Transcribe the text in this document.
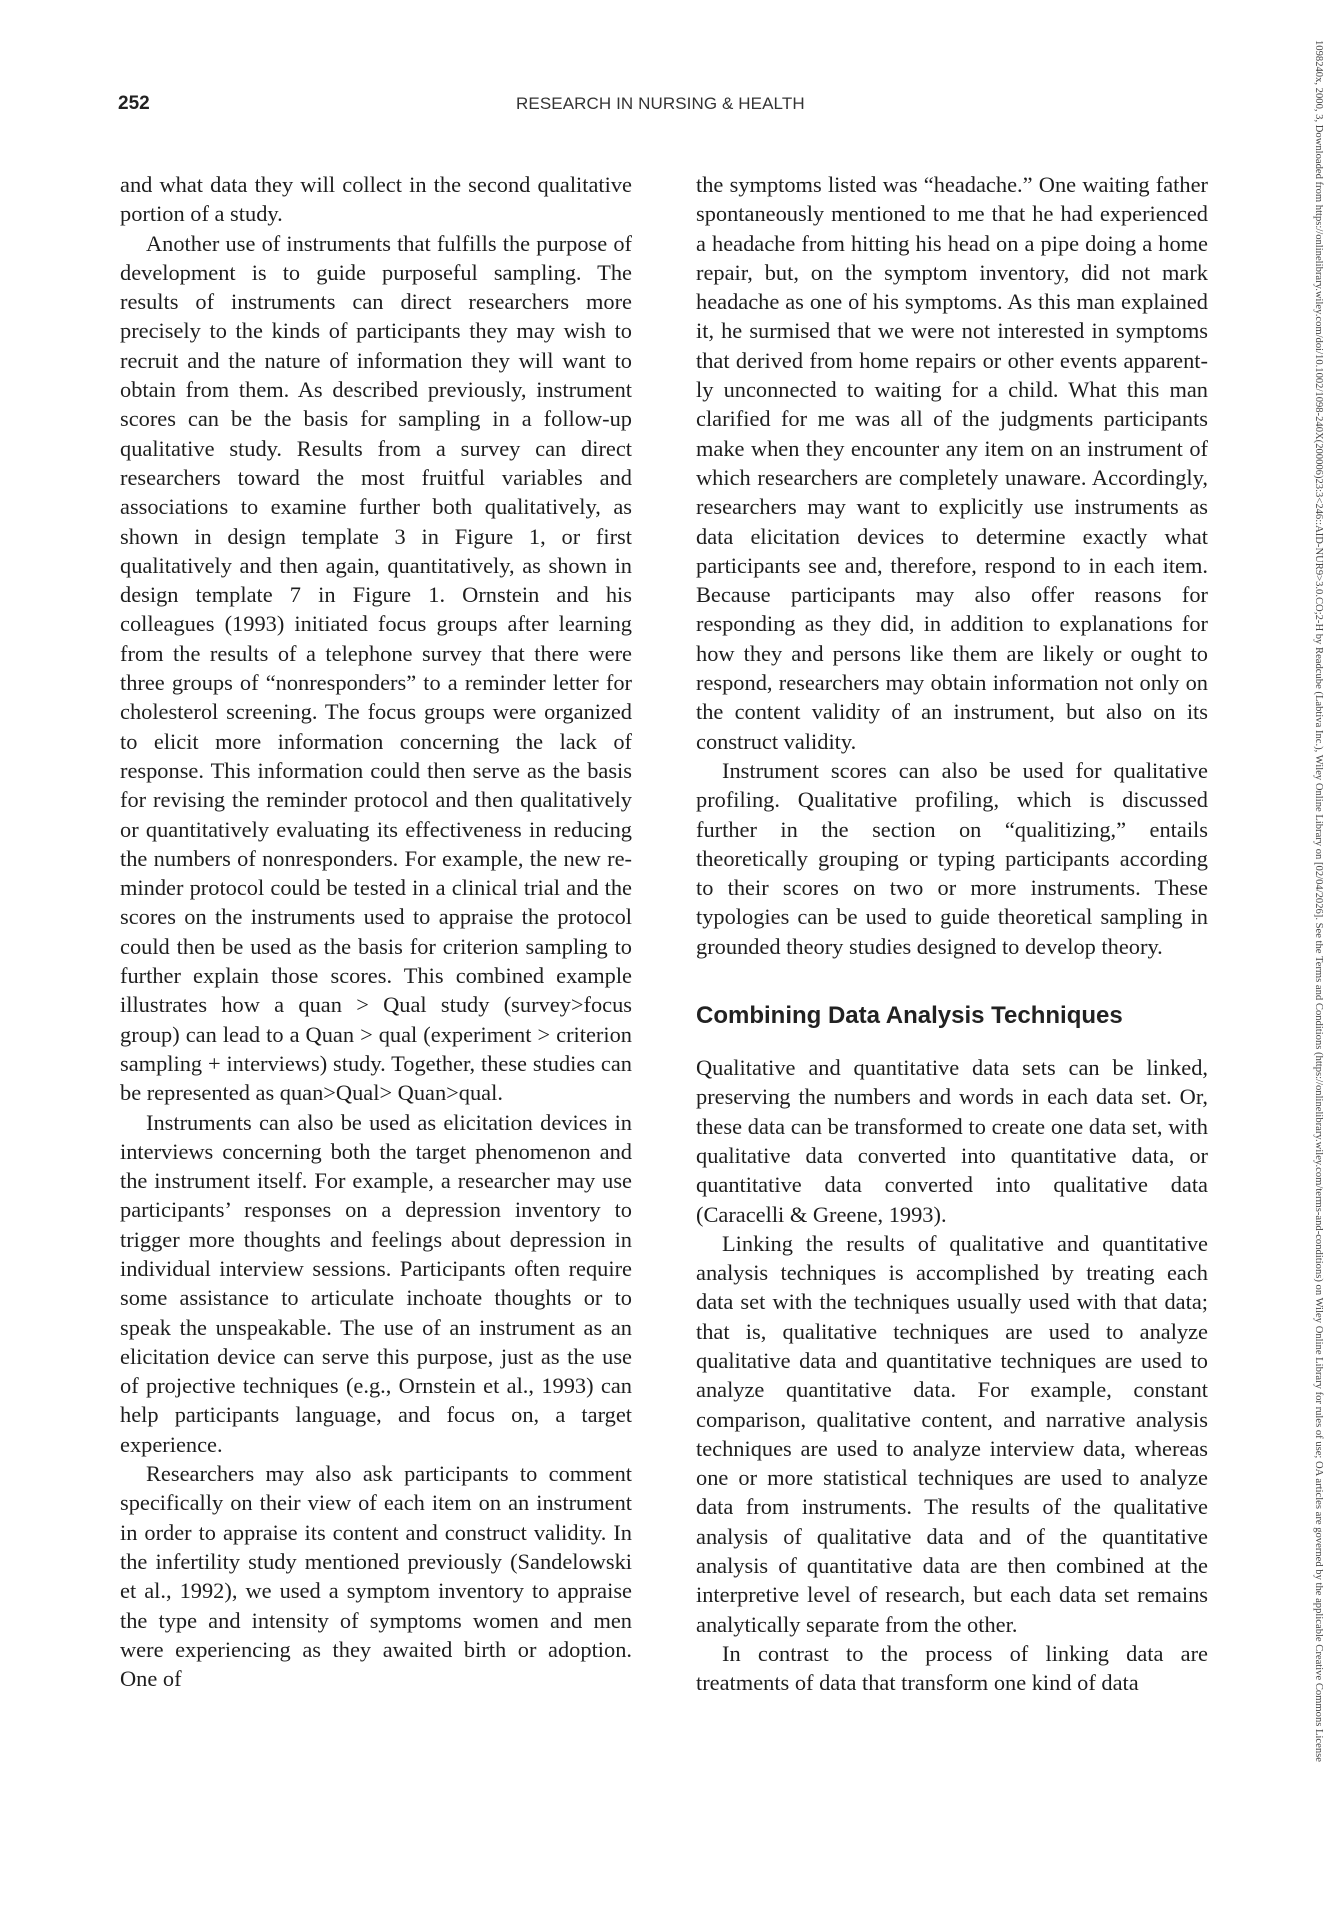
252	RESEARCH IN NURSING & HEALTH

and what data they will collect in the second qualitative portion of a study.

Another use of instruments that fulfills the purpose of development is to guide purposeful sampling. The results of instruments can direct researchers more precisely to the kinds of participants they may wish to recruit and the nature of information they will want to obtain from them. As described previously, instrument scores can be the basis for sampling in a follow-up qualitative study. Results from a survey can direct researchers toward the most fruitful variables and associations to examine further both qualitatively, as shown in design template 3 in Figure 1, or first qualitatively and then again, quantitatively, as shown in design template 7 in Figure 1. Ornstein and his colleagues (1993) initiated focus groups after learning from the results of a telephone survey that there were three groups of “nonresponders” to a reminder letter for cholesterol screening. The focus groups were organized to elicit more information concerning the lack of response. This information could then serve as the basis for revising the reminder protocol and then qualitatively or quantitatively evaluating its effectiveness in reducing the numbers of nonresponders. For example, the new reminder protocol could be tested in a clinical trial and the scores on the instruments used to appraise the protocol could then be used as the basis for criterion sampling to further explain those scores. This combined example illustrates how a quan > Qual study (survey>focus group) can lead to a Quan > qual (experiment > criterion sampling + interviews) study. Together, these studies can be represented as quan>Qual> Quan>qual.

Instruments can also be used as elicitation devices in interviews concerning both the target phenomenon and the instrument itself. For example, a researcher may use participants’ responses on a depression inventory to trigger more thoughts and feelings about depression in individual interview sessions. Participants often require some assistance to articulate inchoate thoughts or to speak the unspeakable. The use of an instrument as an elicitation device can serve this purpose, just as the use of projective techniques (e.g., Ornstein et al., 1993) can help participants language, and focus on, a target experience.

Researchers may also ask participants to comment specifically on their view of each item on an instrument in order to appraise its content and construct validity. In the infertility study mentioned previously (Sandelowski et al., 1992), we used a symptom inventory to appraise the type and intensity of symptoms women and men were experiencing as they awaited birth or adoption. One of

the symptoms listed was “headache.” One waiting father spontaneously mentioned to me that he had experienced a headache from hitting his head on a pipe doing a home repair, but, on the symptom inventory, did not mark headache as one of his symptoms. As this man explained it, he surmised that we were not interested in symptoms that derived from home repairs or other events apparently unconnected to waiting for a child. What this man clarified for me was all of the judgments participants make when they encounter any item on an instrument of which researchers are completely unaware. Accordingly, researchers may want to explicitly use instruments as data elicitation devices to determine exactly what participants see and, therefore, respond to in each item. Because participants may also offer reasons for responding as they did, in addition to explanations for how they and persons like them are likely or ought to respond, researchers may obtain information not only on the content validity of an instrument, but also on its construct validity.

Instrument scores can also be used for qualitative profiling. Qualitative profiling, which is discussed further in the section on “qualitizing,” entails theoretically grouping or typing participants according to their scores on two or more instruments. These typologies can be used to guide theoretical sampling in grounded theory studies designed to develop theory.

Combining Data Analysis Techniques

Qualitative and quantitative data sets can be linked, preserving the numbers and words in each data set. Or, these data can be transformed to create one data set, with qualitative data converted into quantitative data, or quantitative data converted into qualitative data (Caracelli & Greene, 1993).

Linking the results of qualitative and quantitative analysis techniques is accomplished by treating each data set with the techniques usually used with that data; that is, qualitative techniques are used to analyze qualitative data and quantitative techniques are used to analyze quantitative data. For example, constant comparison, qualitative content, and narrative analysis techniques are used to analyze interview data, whereas one or more statistical techniques are used to analyze data from instruments. The results of the qualitative analysis of qualitative data and of the quantitative analysis of quantitative data are then combined at the interpretive level of research, but each data set remains analytically separate from the other.

In contrast to the process of linking data are treatments of data that transform one kind of data	1098240x, 2000, 3, Downloaded from https://onlinelibrary.wiley.com/doi/10.1002/1098-240X(200006)23:3<246::AID-NUR9>3.0.CO;2-H by Readcube (Labtiva Inc.), Wiley Online Library on [02/04/2026]. See the Terms and Conditions (https://onlinelibrary.wiley.com/terms-and-conditions) on Wiley Online Library for rules of use; OA articles are governed by the applicable Creative Commons License
